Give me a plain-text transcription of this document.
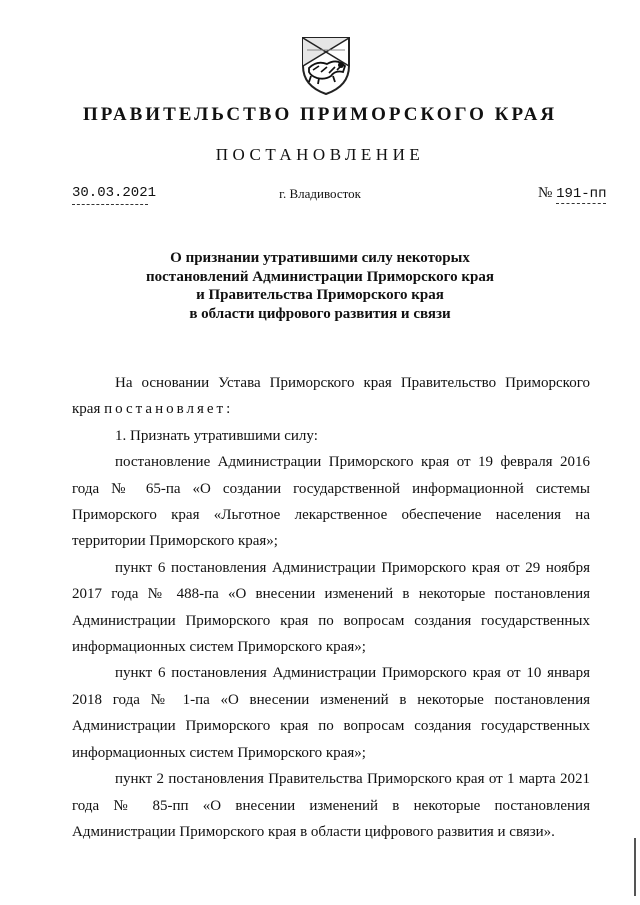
ПРАВИТЕЛЬСТВО ПРИМОРСКОГО КРАЯ
ПОСТАНОВЛЕНИЕ
30.03.2021	г. Владивосток	№ 191-пп
О признании утратившими силу некоторых
постановлений Администрации Приморского края
и Правительства Приморского края
в области цифрового развития и связи

На основании Устава Приморского края Правительство Приморского края постановляет:

1. Признать утратившими силу:

постановление Администрации Приморского края от 19 февраля 2016 года № 65-па «О создании государственной информационной системы Приморского края «Льготное лекарственное обеспечение населения на территории Приморского края»;

пункт 6 постановления Администрации Приморского края от 29 ноября 2017 года № 488-па «О внесении изменений в некоторые постановления Администрации Приморского края по вопросам создания государственных информационных систем Приморского края»;

пункт 6 постановления Администрации Приморского края от 10 января 2018 года № 1-па «О внесении изменений в некоторые постановления Администрации Приморского края по вопросам создания государственных информационных систем Приморского края»;

пункт 2 постановления Правительства Приморского края от 1 марта 2021 года № 85-пп «О внесении изменений в некоторые постановления Администрации Приморского края в области цифрового развития и связи».
